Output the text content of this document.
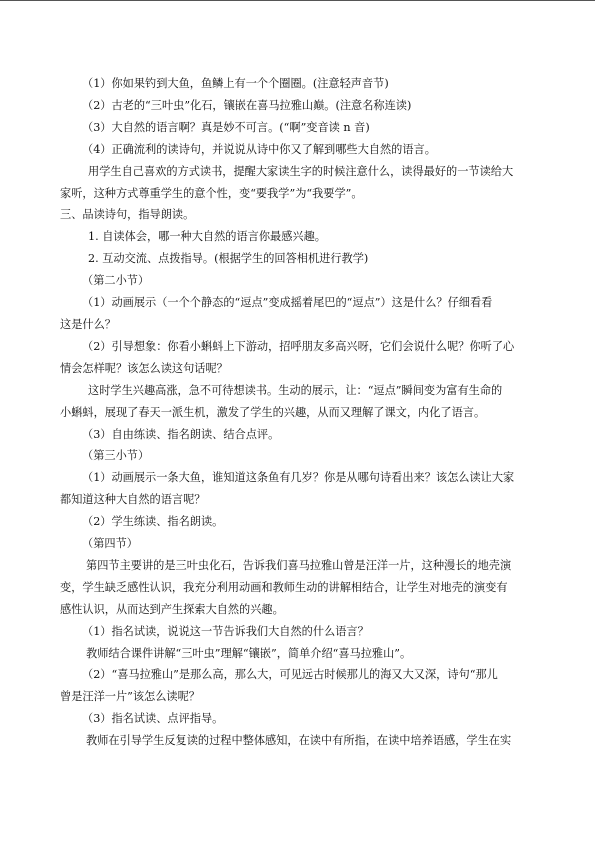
（1）你如果钓到大鱼，鱼鳞上有一个个圈圈。(注意轻声音节)

（2）古老的“三叶虫”化石，镶嵌在喜马拉雅山巅。(注意名称连读)

（3）大自然的语言啊？真是妙不可言。(“啊”变音读 n 音)

（4）正确流利的读诗句，并说说从诗中你又了解到哪些大自然的语言。

用学生自己喜欢的方式读书，提醒大家读生字的时候注意什么，读得最好的一节读给大

家听，这种方式尊重学生的意个性，变“要我学”为“我要学”。

三、品读诗句，指导朗读。

1. 自读体会，哪一种大自然的语言你最感兴趣。

2. 互动交流、点拨指导。(根据学生的回答相机进行教学)

（第二小节）

（1）动画展示（一个个静态的“逗点”变成摇着尾巴的“逗点”）这是什么？仔细看看

这是什么？

（2）引导想象：你看小蝌蚪上下游动，招呼朋友多高兴呀，它们会说什么呢？你听了心

情会怎样呢？该怎么读这句话呢？

这时学生兴趣高涨，急不可待想读书。生动的展示，让：“逗点”瞬间变为富有生命的

小蝌蚪，展现了春天一派生机，激发了学生的兴趣，从而又理解了课文，内化了语言。

（3）自由练读、指名朗读、结合点评。

（第三小节）

（1）动画展示一条大鱼，谁知道这条鱼有几岁？你是从哪句诗看出来？该怎么读让大家

都知道这种大自然的语言呢？

（2）学生练读、指名朗读。

（第四节）

第四节主要讲的是三叶虫化石，告诉我们喜马拉雅山曾是汪洋一片，这种漫长的地壳演

变，学生缺乏感性认识，我充分利用动画和教师生动的讲解相结合，让学生对地壳的演变有

感性认识，从而达到产生探索大自然的兴趣。

（1）指名试读，说说这一节告诉我们大自然的什么语言？

教师结合课件讲解“三叶虫”理解“镶嵌”，简单介绍“喜马拉雅山”。

（2）“喜马拉雅山”是那么高，那么大，可见远古时候那儿的海又大又深，诗句“那儿

曾是汪洋一片”该怎么读呢？

（3）指名试读、点评指导。

教师在引导学生反复读的过程中整体感知，在读中有所指，在读中培养语感，学生在实
